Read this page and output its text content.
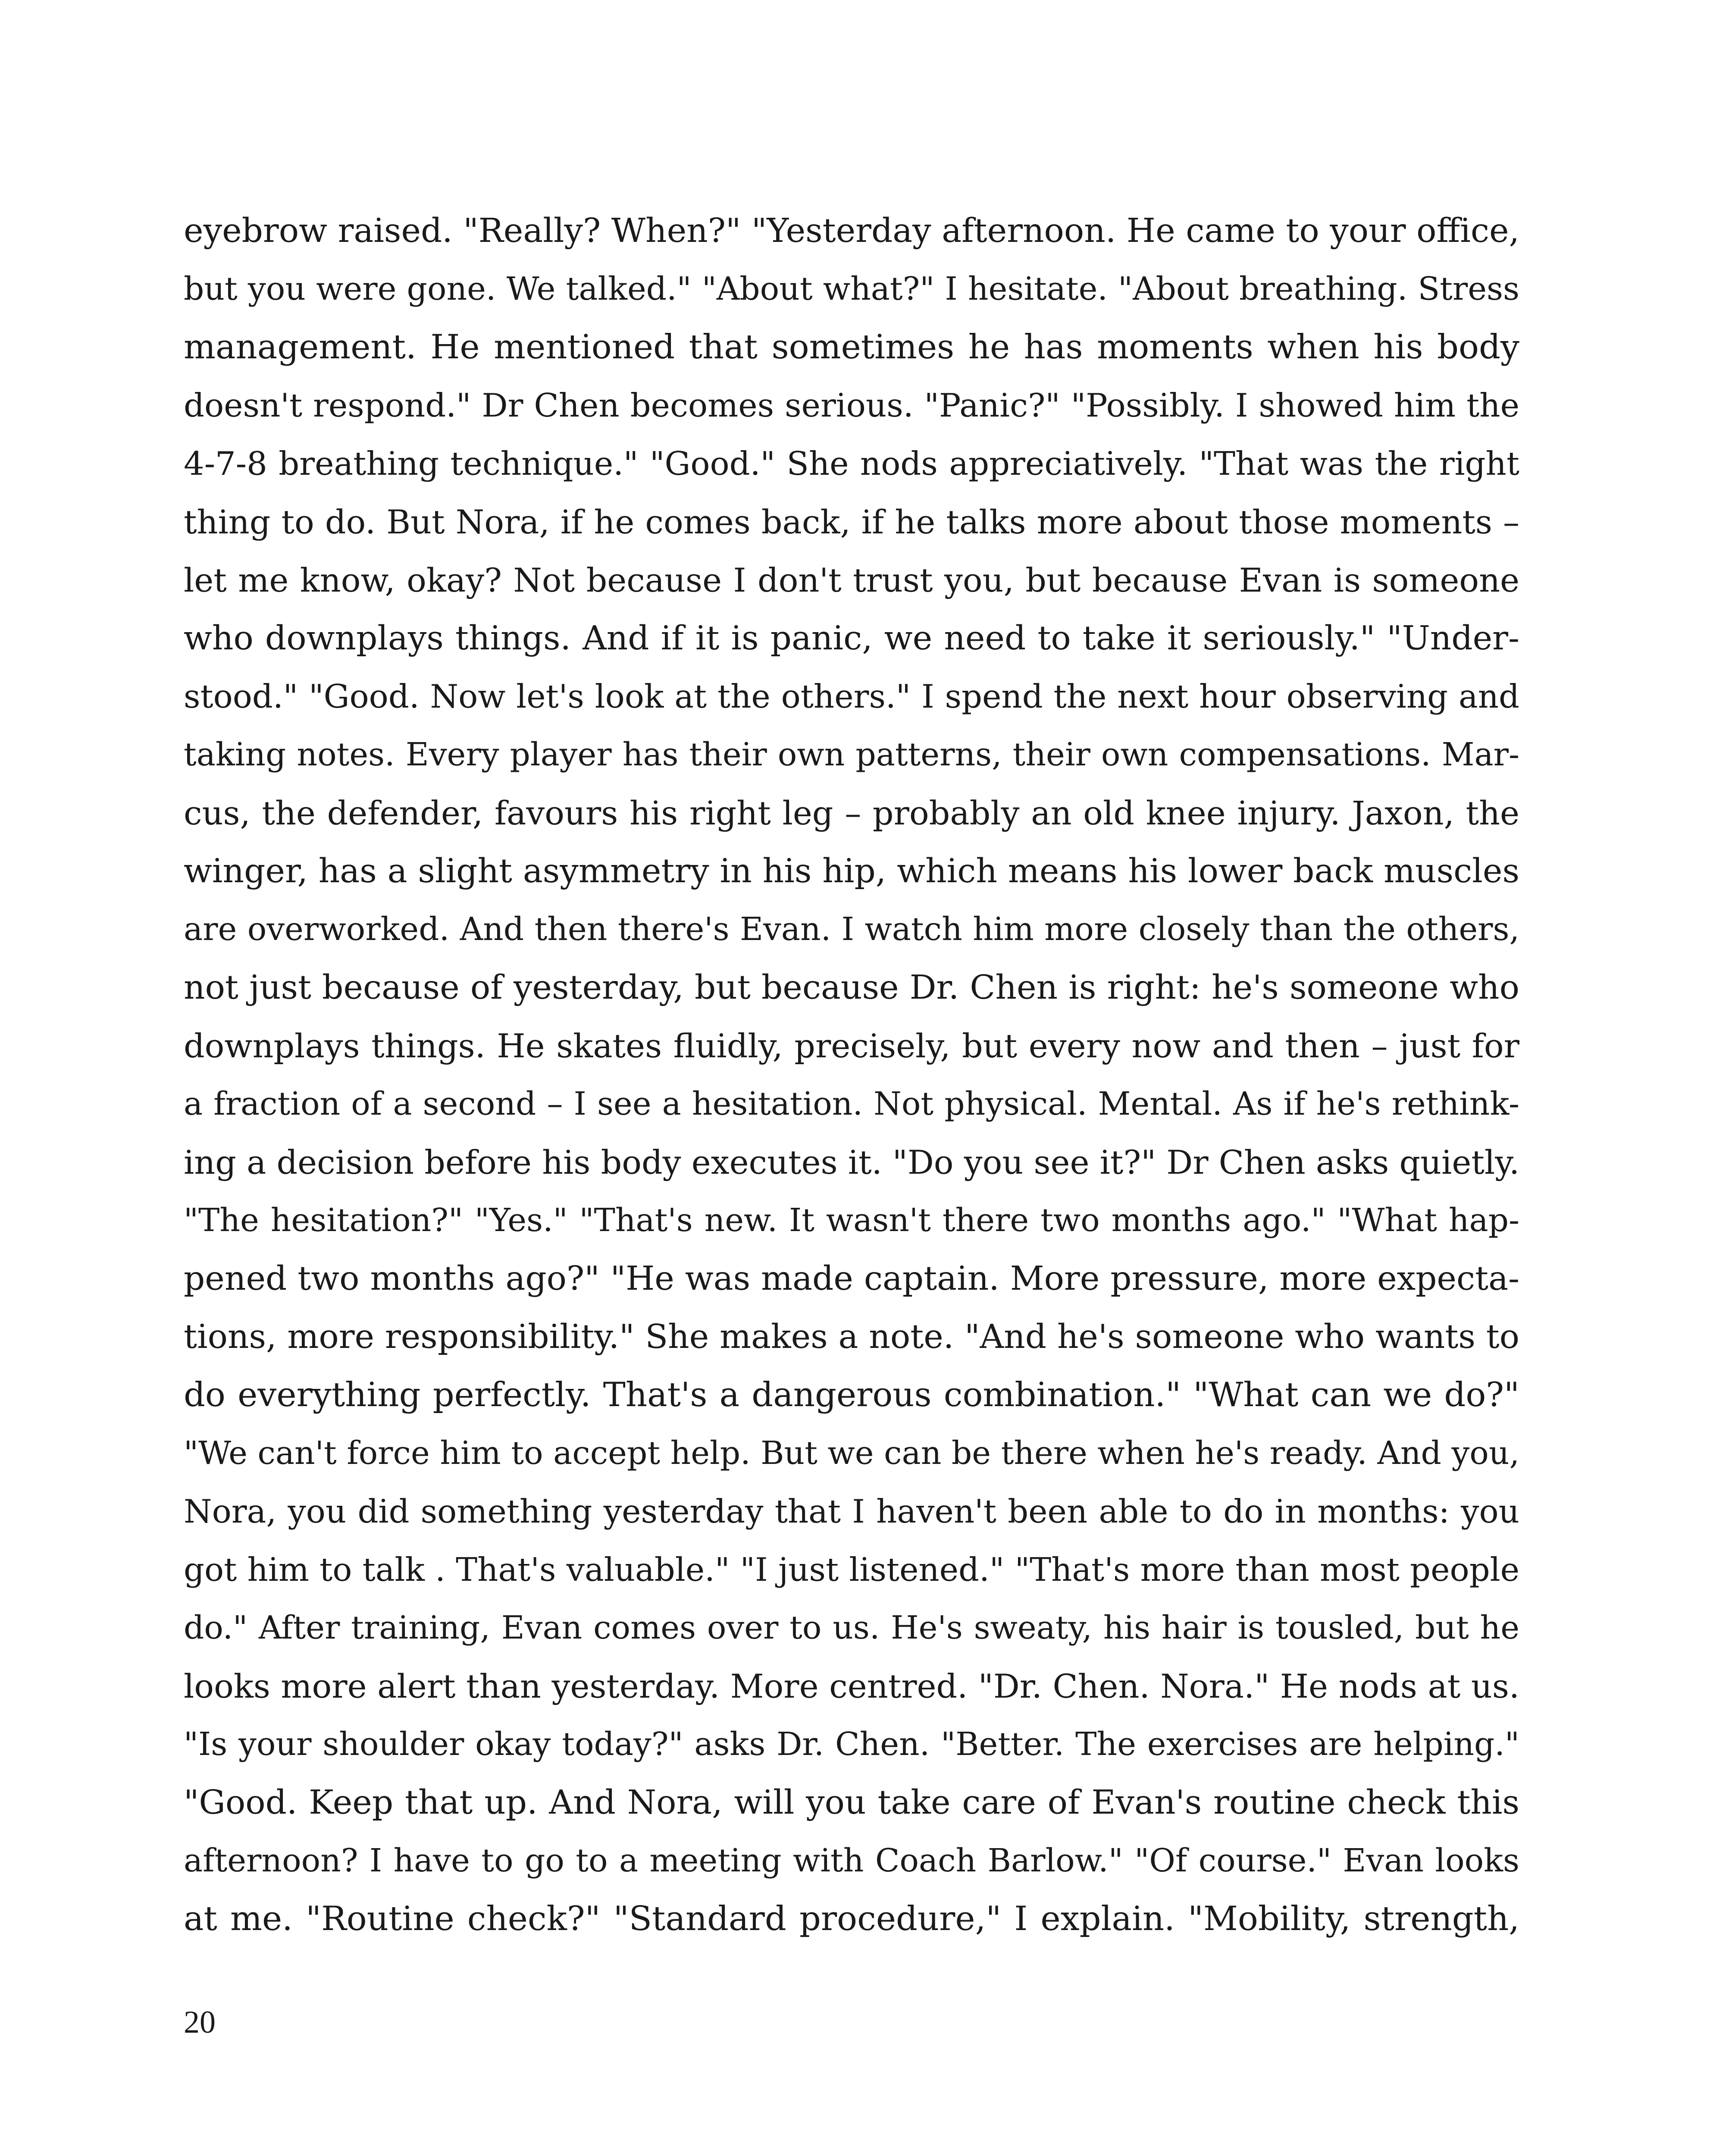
eyebrow raised. "Really? When?" "Yesterday afternoon. He came to your office,
but you were gone. We talked." "About what?" I hesitate. "About breathing. Stress
management. He mentioned that sometimes he has moments when his body
doesn't respond." Dr Chen becomes serious. "Panic?" "Possibly. I showed him the
4-7-8 breathing technique." "Good." She nods appreciatively. "That was the right
thing to do. But Nora, if he comes back, if he talks more about those moments –
let me know, okay? Not because I don't trust you, but because Evan is someone
who downplays things. And if it is panic, we need to take it seriously." "Under-
stood." "Good. Now let's look at the others." I spend the next hour observing and
taking notes. Every player has their own patterns, their own compensations. Mar-
cus, the defender, favours his right leg – probably an old knee injury. Jaxon, the
winger, has a slight asymmetry in his hip, which means his lower back muscles
are overworked. And then there's Evan. I watch him more closely than the others,
not just because of yesterday, but because Dr. Chen is right: he's someone who
downplays things. He skates fluidly, precisely, but every now and then – just for
a fraction of a second – I see a hesitation. Not physical. Mental. As if he's rethink-
ing a decision before his body executes it. "Do you see it?" Dr Chen asks quietly.
"The hesitation?" "Yes." "That's new. It wasn't there two months ago." "What hap-
pened two months ago?" "He was made captain. More pressure, more expecta-
tions, more responsibility." She makes a note. "And he's someone who wants to
do everything perfectly. That's a dangerous combination." "What can we do?"
"We can't force him to accept help. But we can be there when he's ready. And you,
Nora, you did something yesterday that I haven't been able to do in months: you
got him to talk . That's valuable." "I just listened." "That's more than most people
do." After training, Evan comes over to us. He's sweaty, his hair is tousled, but he
looks more alert than yesterday. More centred. "Dr. Chen. Nora." He nods at us.
"Is your shoulder okay today?" asks Dr. Chen. "Better. The exercises are helping."
"Good. Keep that up. And Nora, will you take care of Evan's routine check this
afternoon? I have to go to a meeting with Coach Barlow." "Of course." Evan looks
at me. "Routine check?" "Standard procedure," I explain. "Mobility, strength,
20
